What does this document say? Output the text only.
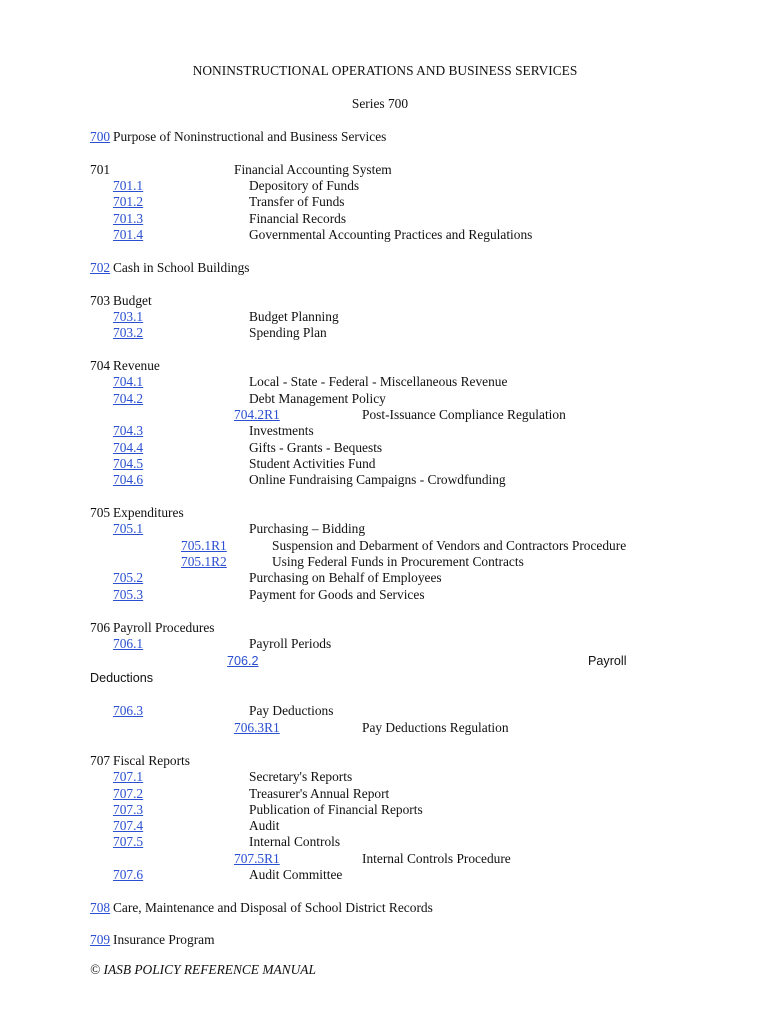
NONINSTRUCTIONAL OPERATIONS AND BUSINESS SERVICES
Series 700
700 Purpose of Noninstructional and Business Services
701	Financial Accounting System
701.1	Depository of Funds
701.2	Transfer of Funds
701.3	Financial Records
701.4	Governmental Accounting Practices and Regulations
702 Cash in School Buildings
703 Budget
703.1	Budget Planning
703.2	Spending Plan
704 Revenue
704.1	Local - State - Federal - Miscellaneous Revenue
704.2	Debt Management Policy
704.2R1	Post-Issuance Compliance Regulation
704.3	Investments
704.4	Gifts - Grants - Bequests
704.5	Student Activities Fund
704.6	Online Fundraising Campaigns - Crowdfunding
705 Expenditures
705.1	Purchasing – Bidding
705.1R1	Suspension and Debarment of Vendors and Contractors Procedure
705.1R2	Using Federal Funds in Procurement Contracts
705.2	Purchasing on Behalf of Employees
705.3	Payment for Goods and Services
706 Payroll Procedures
706.1	Payroll Periods
706.2	Payroll
Deductions
706.3	Pay Deductions
706.3R1	Pay Deductions Regulation
707 Fiscal Reports
707.1	Secretary's Reports
707.2	Treasurer's Annual Report
707.3	Publication of Financial Reports
707.4	Audit
707.5	Internal Controls
707.5R1	Internal Controls Procedure
707.6	Audit Committee
708 Care, Maintenance and Disposal of School District Records
709 Insurance Program
© IASB POLICY REFERENCE MANUAL
